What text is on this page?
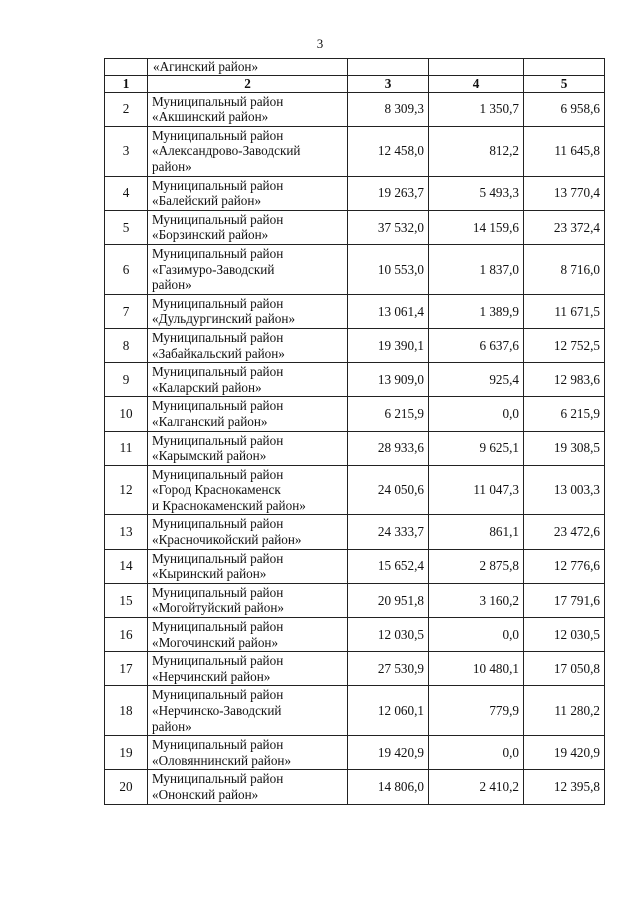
3
	«Агинский район»			
1	2	3	4	5
2	Муниципальный район
«Акшинский район»	8 309,3	1 350,7	6 958,6
3	Муниципальный район
«Александрово-Заводский
район»	12 458,0	812,2	11 645,8
4	Муниципальный район
«Балейский район»	19 263,7	5 493,3	13 770,4
5	Муниципальный район
«Борзинский район»	37 532,0	14 159,6	23 372,4
6	Муниципальный район
«Газимуро-Заводский
район»	10 553,0	1 837,0	8 716,0
7	Муниципальный район
«Дульдургинский район»	13 061,4	1 389,9	11 671,5
8	Муниципальный район
«Забайкальский район»	19 390,1	6 637,6	12 752,5
9	Муниципальный район
«Каларский район»	13 909,0	925,4	12 983,6
10	Муниципальный район
«Калганский район»	6 215,9	0,0	6 215,9
11	Муниципальный район
«Карымский район»	28 933,6	9 625,1	19 308,5
12	Муниципальный район
«Город Краснокаменск
и Краснокаменский район»	24 050,6	11 047,3	13 003,3
13	Муниципальный район
«Красночикойский район»	24 333,7	861,1	23 472,6
14	Муниципальный район
«Кыринский район»	15 652,4	2 875,8	12 776,6
15	Муниципальный район
«Могойтуйский район»	20 951,8	3 160,2	17 791,6
16	Муниципальный район
«Могочинский район»	12 030,5	0,0	12 030,5
17	Муниципальный район
«Нерчинский район»	27 530,9	10 480,1	17 050,8
18	Муниципальный район
«Нерчинско-Заводский
район»	12 060,1	779,9	11 280,2
19	Муниципальный район
«Оловяннинский район»	19 420,9	0,0	19 420,9
20	Муниципальный район
«Ононский район»	14 806,0	2 410,2	12 395,8
